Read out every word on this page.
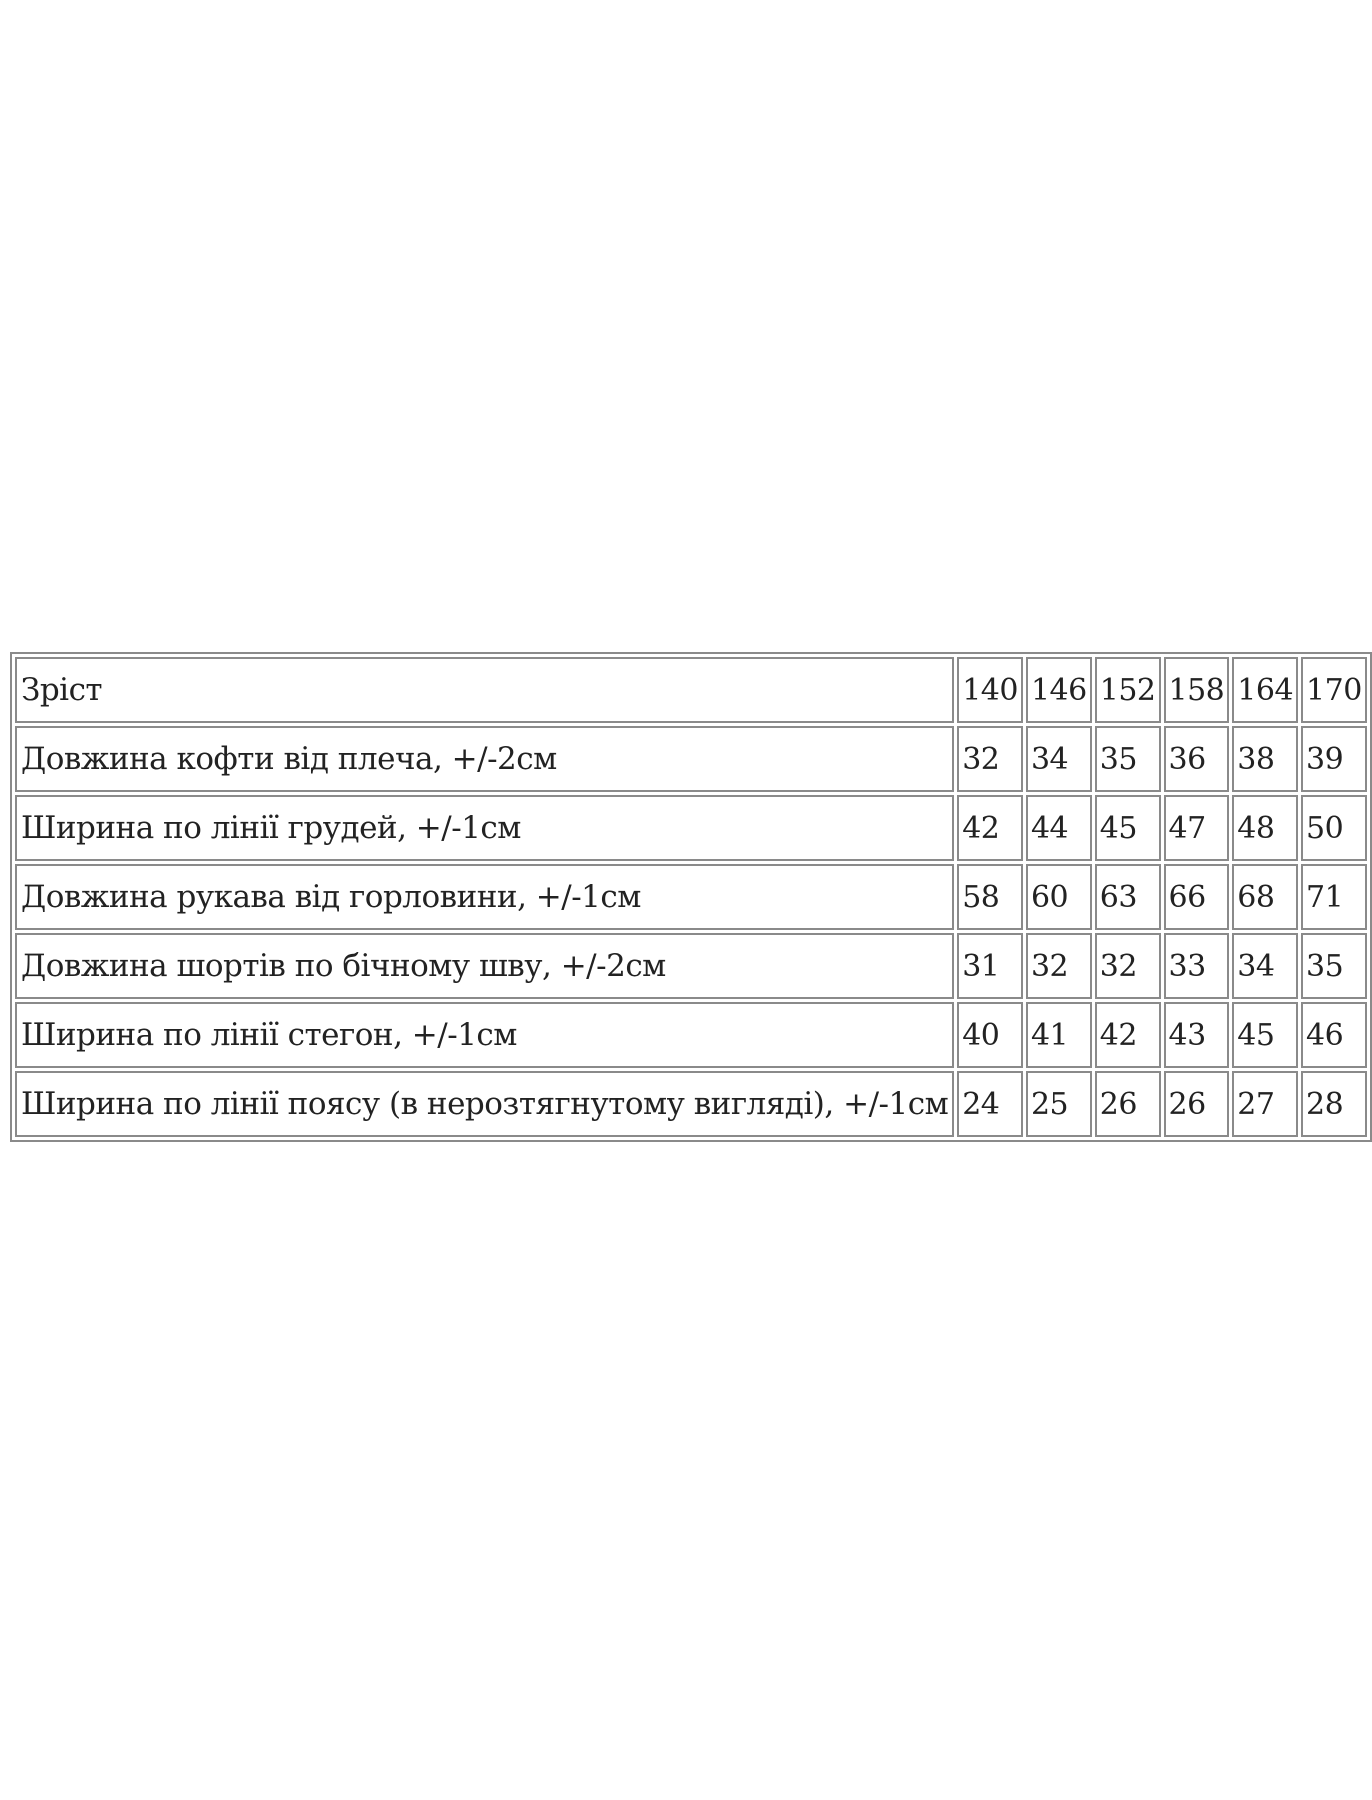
Зріст	140	146	152	158	164	170
Довжина кофти від плеча, +/-2см	32	34	35	36	38	39
Ширина по лінії грудей, +/-1см	42	44	45	47	48	50
Довжина рукава від горловини, +/-1см	58	60	63	66	68	71
Довжина шортів по бічному шву, +/-2см	31	32	32	33	34	35
Ширина по лінії стегон, +/-1см	40	41	42	43	45	46
Ширина по лінії поясу (в нерозтягнутому вигляді), +/-1см	24	25	26	26	27	28
